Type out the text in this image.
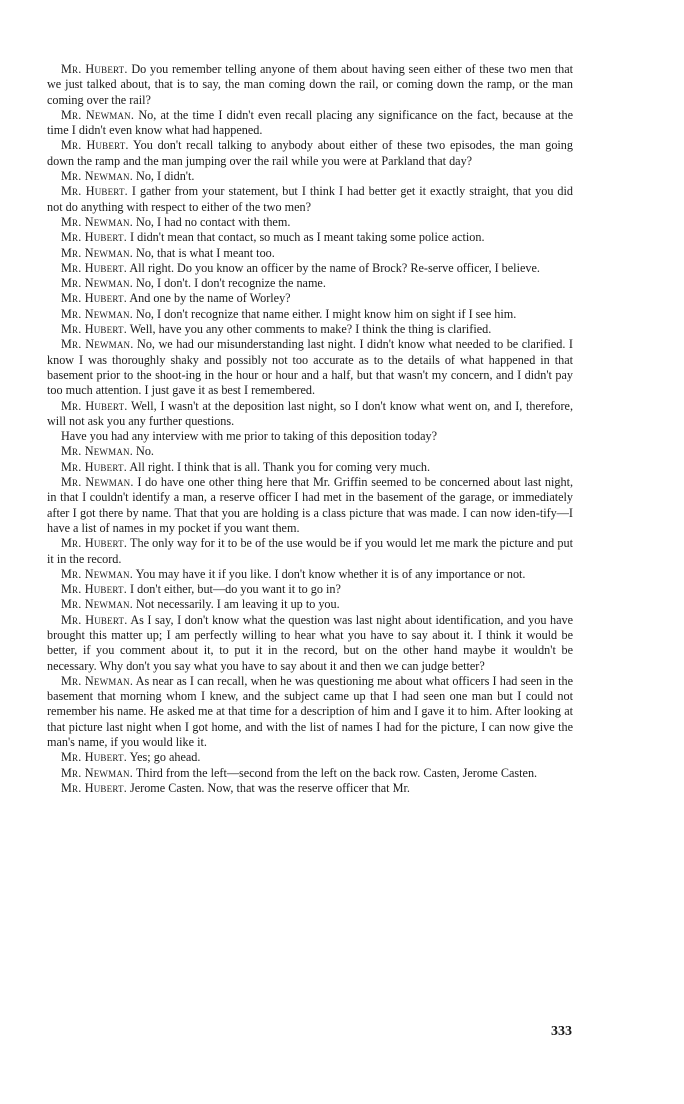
Mr. Hubert. Do you remember telling anyone of them about having seen either of these two men that we just talked about, that is to say, the man coming down the rail, or coming down the ramp, or the man coming over the rail?

Mr. Newman. No, at the time I didn't even recall placing any significance on the fact, because at the time I didn't even know what had happened.

Mr. Hubert. You don't recall talking to anybody about either of these two episodes, the man going down the ramp and the man jumping over the rail while you were at Parkland that day?

Mr. Newman. No, I didn't.

Mr. Hubert. I gather from your statement, but I think I had better get it exactly straight, that you did not do anything with respect to either of the two men?

Mr. Newman. No, I had no contact with them.

Mr. Hubert. I didn't mean that contact, so much as I meant taking some police action.

Mr. Newman. No, that is what I meant too.

Mr. Hubert. All right. Do you know an officer by the name of Brock? Re-serve officer, I believe.

Mr. Newman. No, I don't. I don't recognize the name.

Mr. Hubert. And one by the name of Worley?

Mr. Newman. No, I don't recognize that name either. I might know him on sight if I see him.

Mr. Hubert. Well, have you any other comments to make? I think the thing is clarified.

Mr. Newman. No, we had our misunderstanding last night. I didn't know what needed to be clarified. I know I was thoroughly shaky and possibly not too accurate as to the details of what happened in that basement prior to the shoot-ing in the hour or hour and a half, but that wasn't my concern, and I didn't pay too much attention. I just gave it as best I remembered.

Mr. Hubert. Well, I wasn't at the deposition last night, so I don't know what went on, and I, therefore, will not ask you any further questions.

Have you had any interview with me prior to taking of this deposition today?

Mr. Newman. No.

Mr. Hubert. All right. I think that is all. Thank you for coming very much.

Mr. Newman. I do have one other thing here that Mr. Griffin seemed to be concerned about last night, in that I couldn't identify a man, a reserve officer I had met in the basement of the garage, or immediately after I got there by name. That that you are holding is a class picture that was made. I can now iden-tify—I have a list of names in my pocket if you want them.

Mr. Hubert. The only way for it to be of the use would be if you would let me mark the picture and put it in the record.

Mr. Newman. You may have it if you like. I don't know whether it is of any importance or not.

Mr. Hubert. I don't either, but—do you want it to go in?

Mr. Newman. Not necessarily. I am leaving it up to you.

Mr. Hubert. As I say, I don't know what the question was last night about identification, and you have brought this matter up; I am perfectly willing to hear what you have to say about it. I think it would be better, if you comment about it, to put it in the record, but on the other hand maybe it wouldn't be necessary. Why don't you say what you have to say about it and then we can judge better?

Mr. Newman. As near as I can recall, when he was questioning me about what officers I had seen in the basement that morning whom I knew, and the subject came up that I had seen one man but I could not remember his name. He asked me at that time for a description of him and I gave it to him. After looking at that picture last night when I got home, and with the list of names I had for the picture, I can now give the man's name, if you would like it.

Mr. Hubert. Yes; go ahead.

Mr. Newman. Third from the left—second from the left on the back row. Casten, Jerome Casten.

Mr. Hubert. Jerome Casten. Now, that was the reserve officer that Mr.

333
